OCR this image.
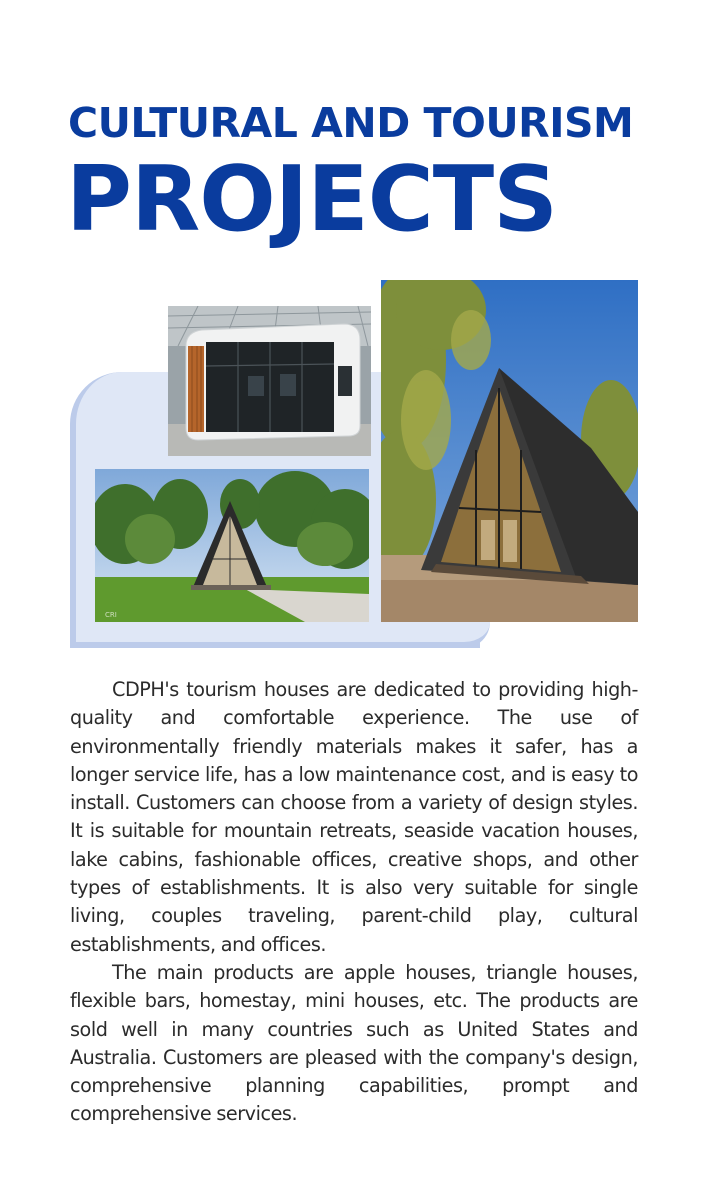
CULTURAL AND TOURISM
PROJECTS
CRI

CDPH's tourism houses are dedicated to providing high-quality and comfortable experience. The use of environmentally friendly materials makes it safer, has a longer service life, has a low maintenance cost, and is easy to install. Customers can choose from a variety of design styles. It is suitable for mountain retreats, seaside vacation houses, lake cabins, fashionable offices, creative shops, and other types of establishments. It is also very suitable for single living, couples traveling, parent-child play, cultural establishments, and offices.

The main products are apple houses, triangle houses, flexible bars, homestay, mini houses, etc. The products are sold well in many countries such as United States and Australia. Customers are pleased with the company's design, comprehensive planning capabilities, prompt and comprehensive services.
